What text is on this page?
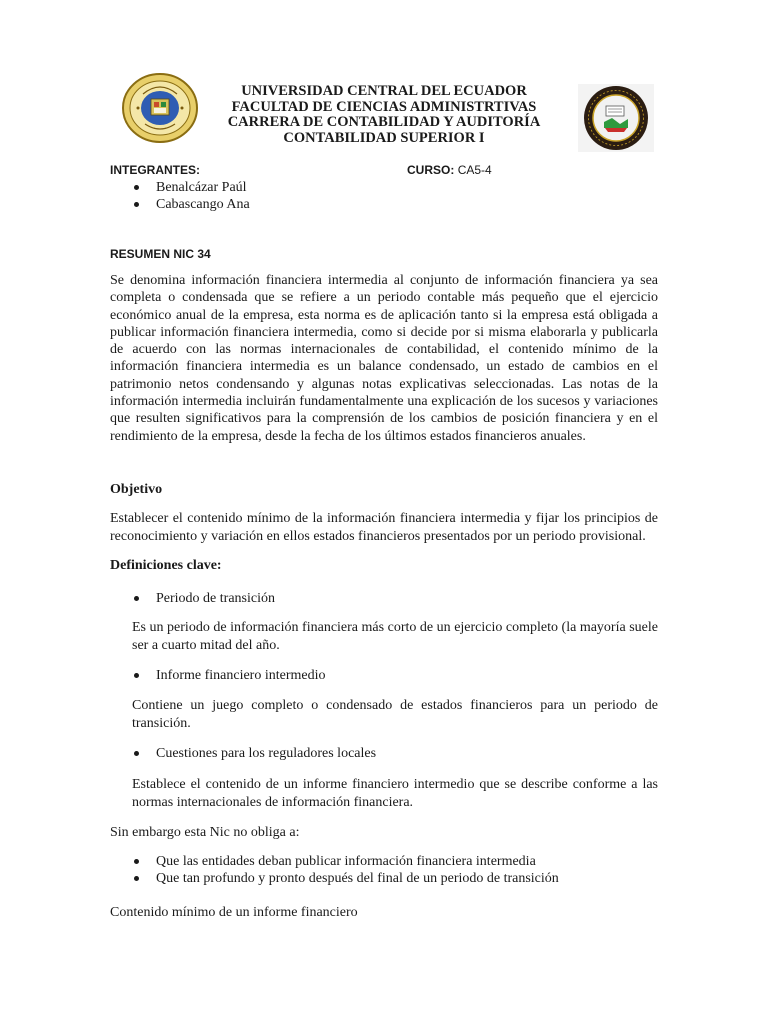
UNIVERSIDAD CENTRAL DEL ECUADOR
FACULTAD DE CIENCIAS ADMINISTRTIVAS
CARRERA DE CONTABILIDAD Y AUDITORÍA
CONTABILIDAD SUPERIOR I
INTEGRANTES:	CURSO: CA5-4
Benalcázar Paúl
Cabascango Ana
RESUMEN NIC 34
Se denomina información financiera intermedia al conjunto de información financiera ya sea completa o condensada que se refiere a un periodo contable más pequeño que el ejercicio económico anual de la empresa, esta norma es de aplicación tanto si la empresa está obligada a publicar información financiera intermedia, como si decide por si misma elaborarla y publicarla de acuerdo con las normas internacionales de contabilidad, el contenido mínimo de la información financiera intermedia es un balance condensado, un estado de cambios en el patrimonio netos condensando y algunas notas explicativas seleccionadas. Las notas de la información intermedia incluirán fundamentalmente una explicación de los sucesos y variaciones que resulten significativos para la comprensión de los cambios de posición financiera y en el rendimiento de la empresa, desde la fecha de los últimos estados financieros anuales.
Objetivo
Establecer el contenido mínimo de la información financiera intermedia y fijar los principios de reconocimiento y variación en ellos estados financieros presentados por un periodo provisional.
Definiciones clave:
Periodo de transición
Es un periodo de información financiera más corto de un ejercicio completo (la mayoría suele ser a cuarto mitad del año.
Informe financiero intermedio
Contiene un juego completo o condensado de estados financieros para un periodo de transición.
Cuestiones para los reguladores locales
Establece el contenido de un informe financiero intermedio que se describe conforme a las normas internacionales de información financiera.
Sin embargo esta Nic no obliga a:
Que las entidades deban publicar información financiera intermedia
Que tan profundo y pronto después del final de un periodo de transición
Contenido mínimo de un informe financiero
